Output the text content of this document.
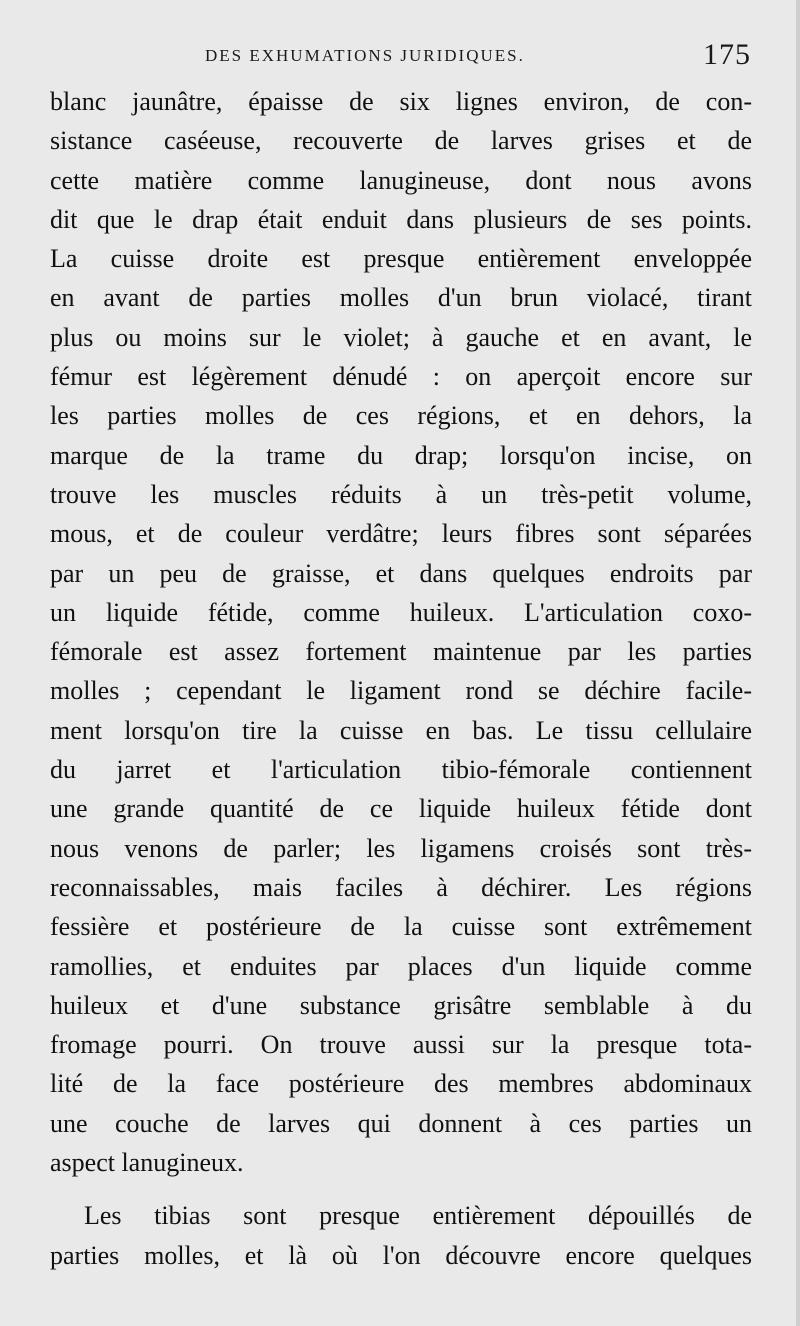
DES EXHUMATIONS JURIDIQUES.	175
blanc jaunâtre, épaisse de six lignes environ, de con-
sistance caséeuse, recouverte de larves grises et de
cette matière comme lanugineuse, dont nous avons
dit que le drap était enduit dans plusieurs de ses points.
La cuisse droite est presque entièrement enveloppée
en avant de parties molles d'un brun violacé, tirant
plus ou moins sur le violet; à gauche et en avant, le
fémur est légèrement dénudé : on aperçoit encore sur
les parties molles de ces régions, et en dehors, la
marque de la trame du drap; lorsqu'on incise, on
trouve les muscles réduits à un très-petit volume,
mous, et de couleur verdâtre; leurs fibres sont séparées
par un peu de graisse, et dans quelques endroits par
un liquide fétide, comme huileux. L'articulation coxo-
fémorale est assez fortement maintenue par les parties
molles ; cependant le ligament rond se déchire facile-
ment lorsqu'on tire la cuisse en bas. Le tissu cellulaire
du jarret et l'articulation tibio-fémorale contiennent
une grande quantité de ce liquide huileux fétide dont
nous venons de parler; les ligamens croisés sont très-
reconnaissables, mais faciles à déchirer. Les régions
fessière et postérieure de la cuisse sont extrêmement
ramollies, et enduites par places d'un liquide comme
huileux et d'une substance grisâtre semblable à du
fromage pourri. On trouve aussi sur la presque tota-
lité de la face postérieure des membres abdominaux
une couche de larves qui donnent à ces parties un
aspect lanugineux.
Les tibias sont presque entièrement dépouillés de
parties molles, et là où l'on découvre encore quelques
